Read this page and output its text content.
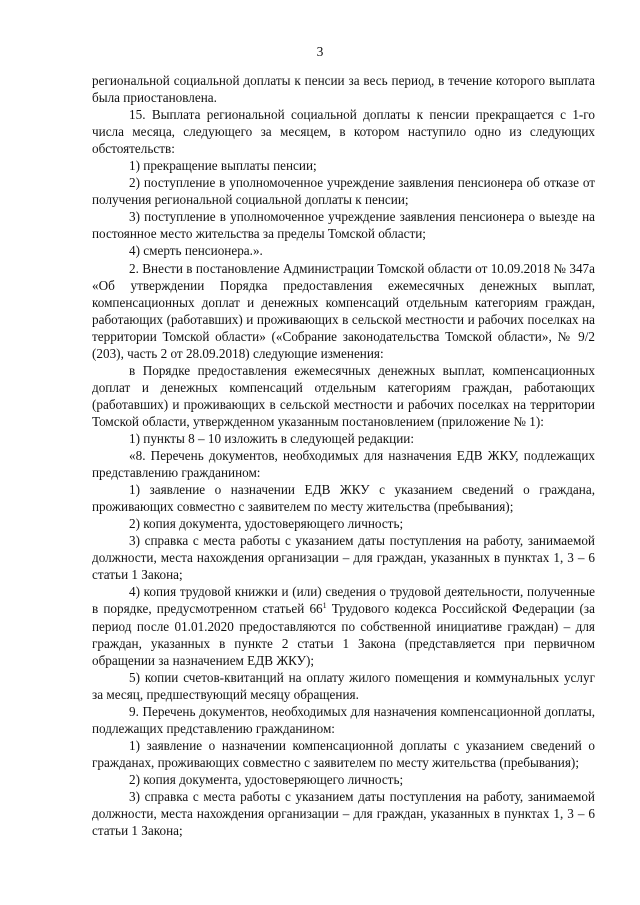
3

региональной социальной доплаты к пенсии за весь период, в течение которого выплата была приостановлена.

15. Выплата региональной социальной доплаты к пенсии прекращается с 1-го числа месяца, следующего за месяцем, в котором наступило одно из следующих обстоятельств:

1) прекращение выплаты пенсии;

2) поступление в уполномоченное учреждение заявления пенсионера об отказе от получения региональной социальной доплаты к пенсии;

3) поступление в уполномоченное учреждение заявления пенсионера о выезде на постоянное место жительства за пределы Томской области;

4) смерть пенсионера.».

2. Внести в постановление Администрации Томской области от 10.09.2018 № 347а «Об утверждении Порядка предоставления ежемесячных денежных выплат, компенсационных доплат и денежных компенсаций отдельным категориям граждан, работающих (работавших) и проживающих в сельской местности и рабочих поселках на территории Томской области» («Собрание законодательства Томской области», № 9/2 (203), часть 2 от 28.09.2018) следующие изменения:

в Порядке предоставления ежемесячных денежных выплат, компенсационных доплат и денежных компенсаций отдельным категориям граждан, работающих (работавших) и проживающих в сельской местности и рабочих поселках на территории Томской области, утвержденном указанным постановлением (приложение № 1):

1) пункты 8 – 10 изложить в следующей редакции:

«8. Перечень документов, необходимых для назначения ЕДВ ЖКУ, подлежащих представлению гражданином:

1) заявление о назначении ЕДВ ЖКУ с указанием сведений о граждана, проживающих совместно с заявителем по месту жительства (пребывания);

2) копия документа, удостоверяющего личность;

3) справка с места работы с указанием даты поступления на работу, занимаемой должности, места нахождения организации – для граждан, указанных в пунктах 1, 3 – 6 статьи 1 Закона;

4) копия трудовой книжки и (или) сведения о трудовой деятельности, полученные в порядке, предусмотренном статьей $66^1$ Трудового кодекса Российской Федерации (за период после 01.01.2020 предоставляются по собственной инициативе граждан) – для граждан, указанных в пункте 2 статьи 1 Закона (представляется при первичном обращении за назначением ЕДВ ЖКУ);

5) копии счетов-квитанций на оплату жилого помещения и коммунальных услуг за месяц, предшествующий месяцу обращения.

9. Перечень документов, необходимых для назначения компенсационной доплаты, подлежащих представлению гражданином:

1) заявление о назначении компенсационной доплаты с указанием сведений о гражданах, проживающих совместно с заявителем по месту жительства (пребывания);

2) копия документа, удостоверяющего личность;

3) справка с места работы с указанием даты поступления на работу, занимаемой должности, места нахождения организации – для граждан, указанных в пунктах 1, 3 – 6 статьи 1 Закона;
